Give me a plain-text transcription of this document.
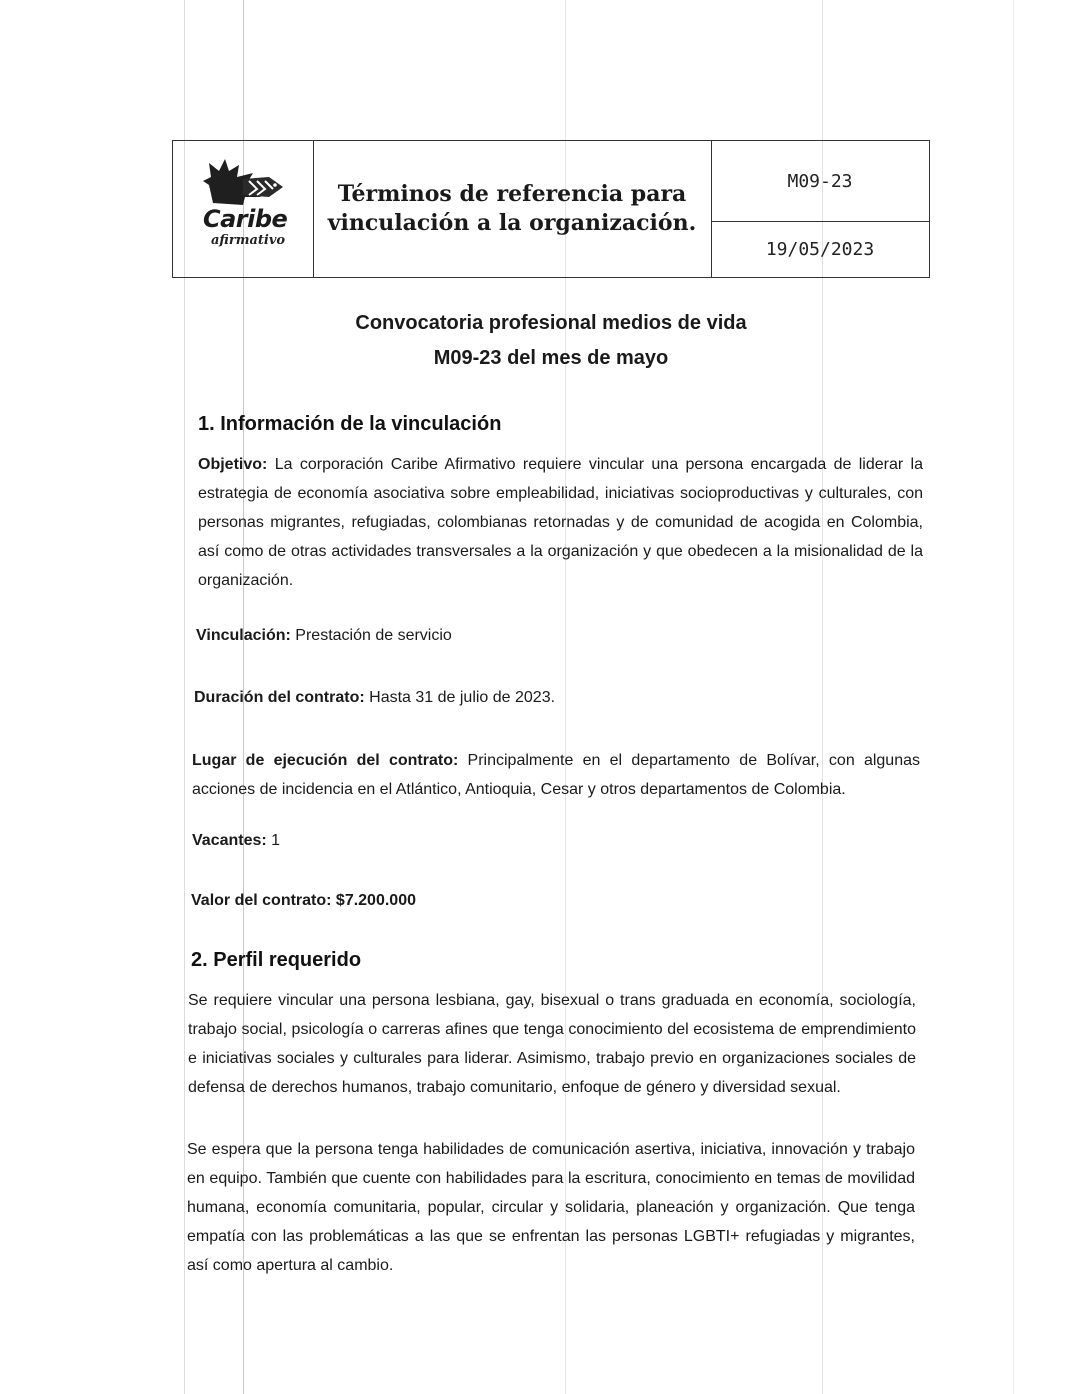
Caribe
afirmativo
Términos de referencia para
vinculación a la organización.
M09-23
19/05/2023
Convocatoria profesional medios de vida
M09-23 del mes de mayo
1. Información de la vinculación
Objetivo: La corporación Caribe Afirmativo requiere vincular una persona encargada de liderar la estrategia de economía asociativa sobre empleabilidad, iniciativas socioproductivas y culturales, con personas migrantes, refugiadas, colombianas retornadas y de comunidad de acogida en Colombia, así como de otras actividades transversales a la organización y que obedecen a la misionalidad de la organización.
Vinculación: Prestación de servicio
Duración del contrato: Hasta 31 de julio de 2023.
Lugar de ejecución del contrato: Principalmente en el departamento de Bolívar, con algunas acciones de incidencia en el Atlántico, Antioquia, Cesar y otros departamentos de Colombia.
Vacantes: 1
Valor del contrato: $7.200.000
2. Perfil requerido
Se requiere vincular una persona lesbiana, gay, bisexual o trans graduada en economía, sociología, trabajo social, psicología o carreras afines que tenga conocimiento del ecosistema de emprendimiento e iniciativas sociales y culturales para liderar. Asimismo, trabajo previo en organizaciones sociales de defensa de derechos humanos, trabajo comunitario, enfoque de género y diversidad sexual.
Se espera que la persona tenga habilidades de comunicación asertiva, iniciativa, innovación y trabajo en equipo. También que cuente con habilidades para la escritura, conocimiento en temas de movilidad humana, economía comunitaria, popular, circular y solidaria, planeación y organización. Que tenga empatía con las problemáticas a las que se enfrentan las personas LGBTI+ refugiadas y migrantes, así como apertura al cambio.
